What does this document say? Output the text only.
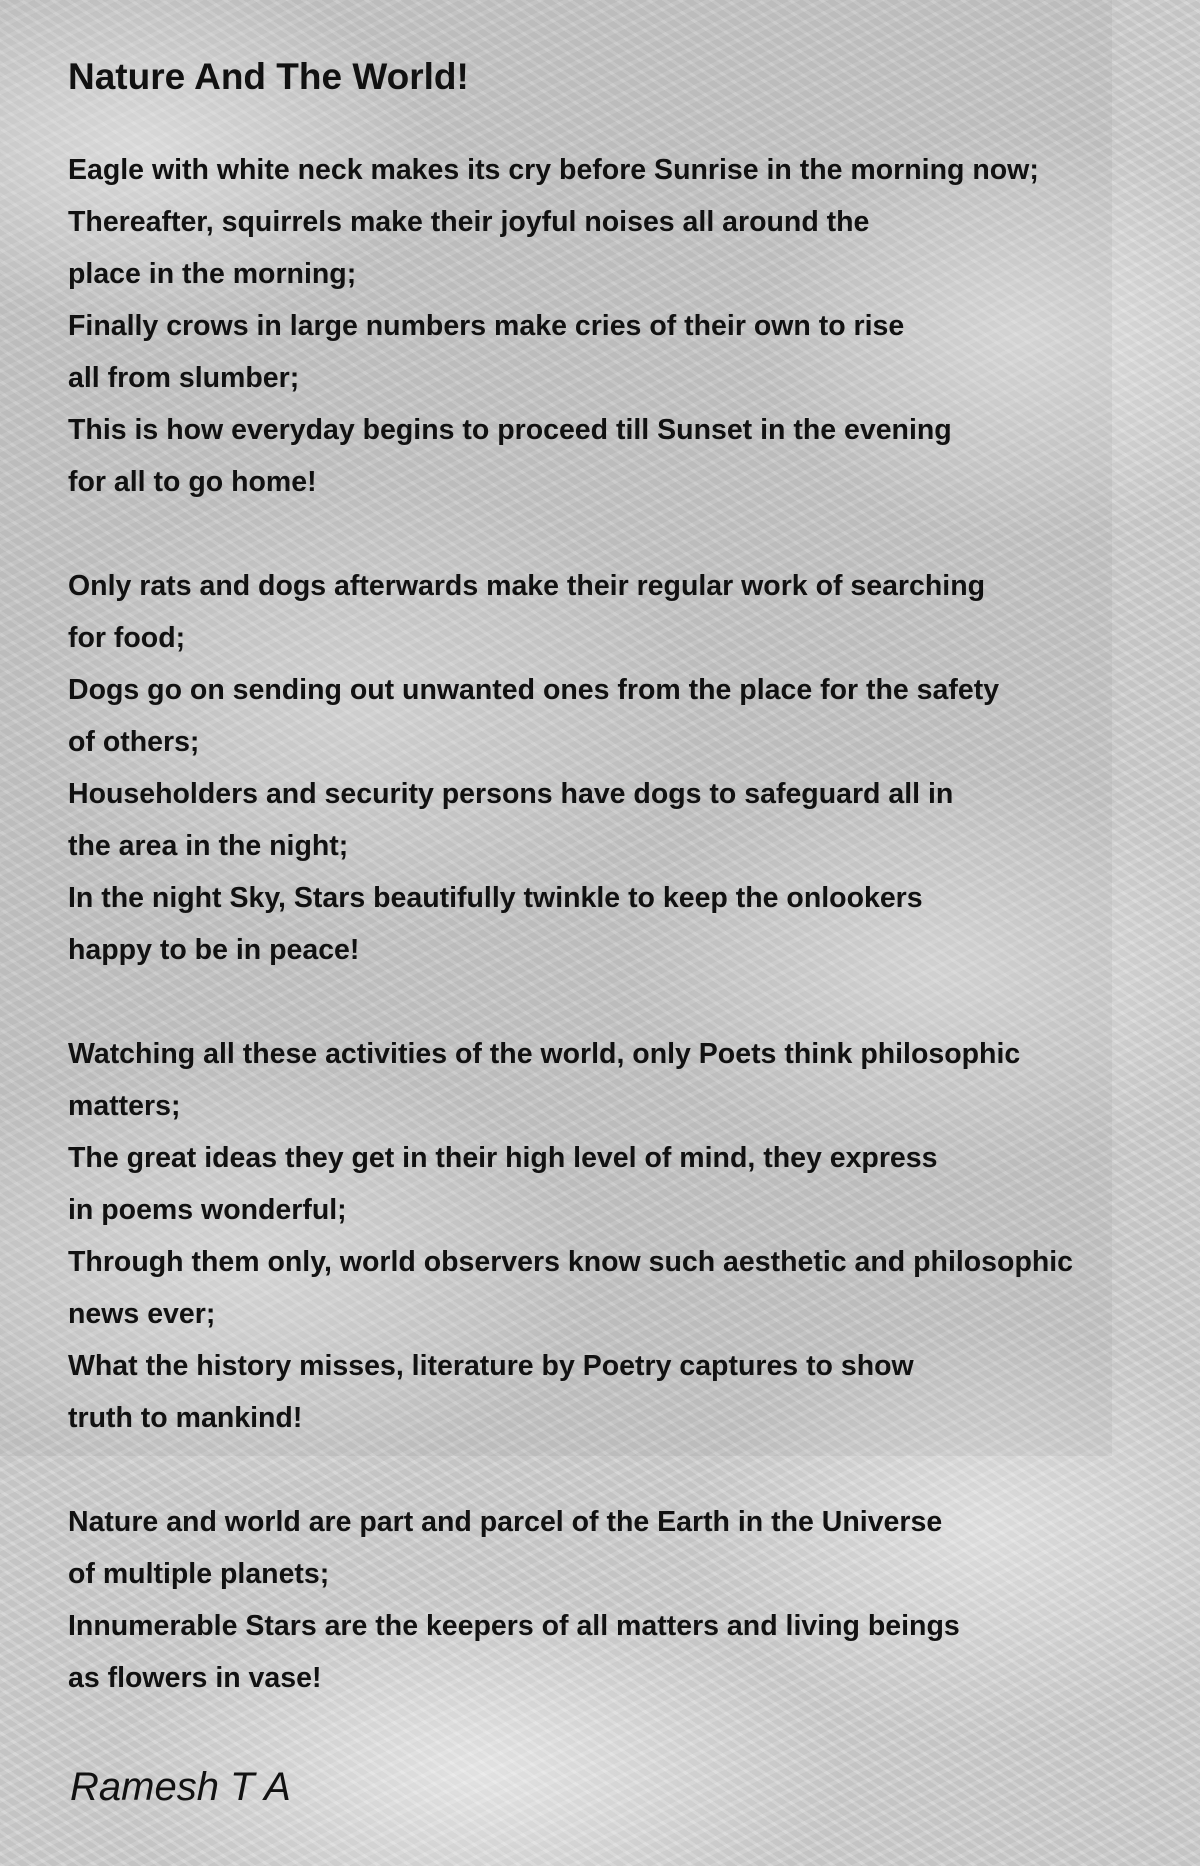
Nature And The World!
Eagle with white neck makes its cry before Sunrise in the morning now;
Thereafter, squirrels make their joyful noises all around the
place in the morning;
Finally crows in large numbers make cries of their own to rise
all from slumber;
This is how everyday begins to proceed till Sunset in the evening
for all to go home!
Only rats and dogs afterwards make their regular work of searching
for food;
Dogs go on sending out unwanted ones from the place for the safety
of others;
Householders and security persons have dogs to safeguard all in
the area in the night;
In the night Sky, Stars beautifully twinkle to keep the onlookers
happy to be in peace!
Watching all these activities of the world, only Poets think philosophic
matters;
The great ideas they get in their high level of mind, they express
in poems wonderful;
Through them only, world observers know such aesthetic and philosophic
news ever;
What the history misses, literature by Poetry captures to show
truth to mankind!
Nature and world are part and parcel of the Earth in the Universe
of multiple planets;
Innumerable Stars are the keepers of all matters and living beings
as flowers in vase!
Ramesh T A
